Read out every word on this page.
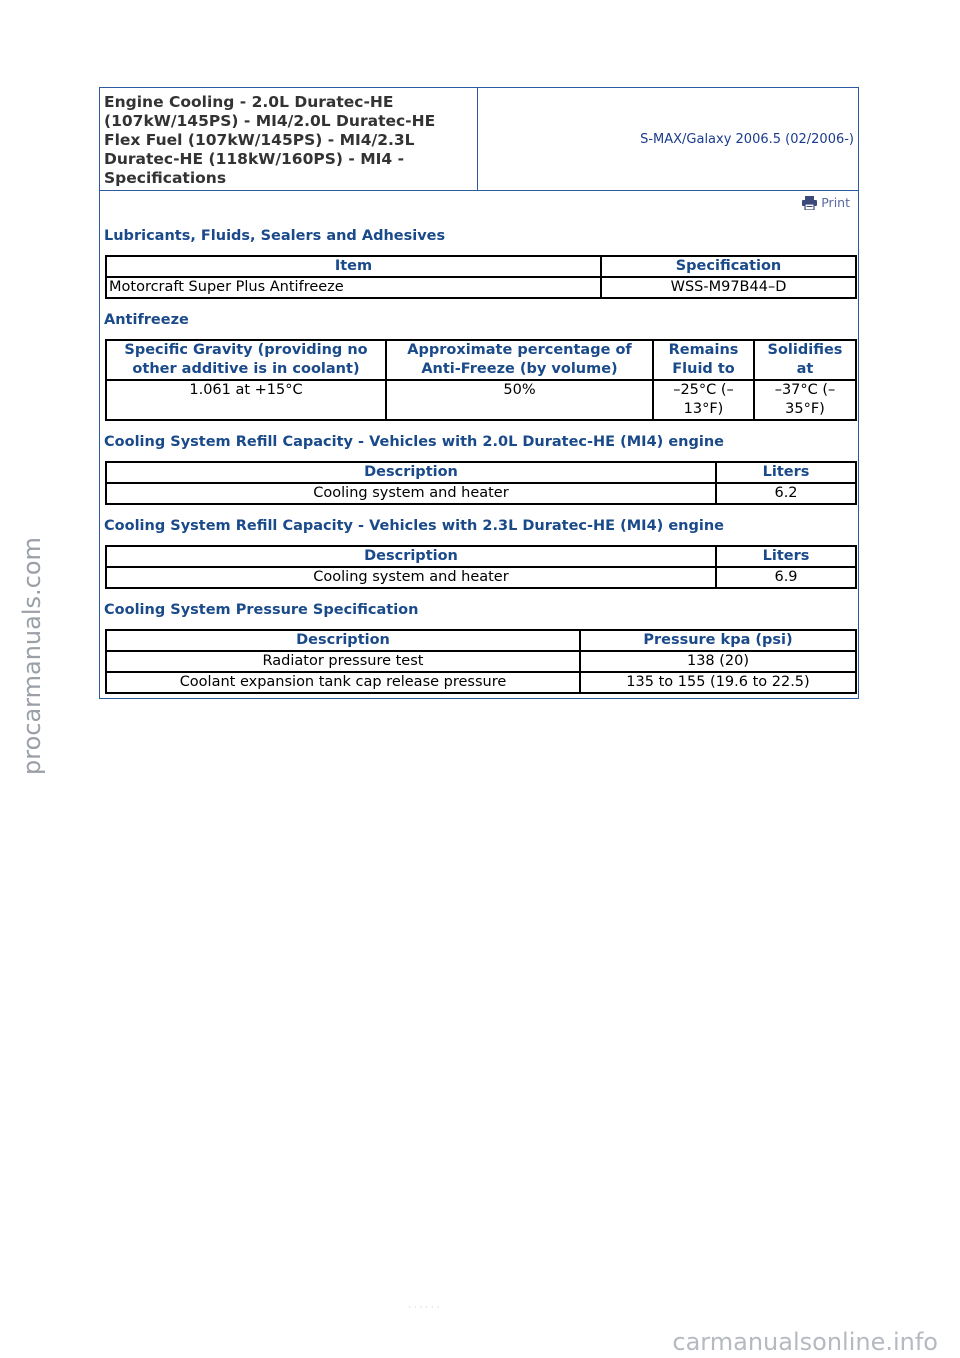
Engine Cooling - 2.0L Duratec-HE (107kW/145PS) - MI4/2.0L Duratec-HE Flex Fuel (107kW/145PS) - MI4/2.3L Duratec-HE (118kW/160PS) - MI4 - Specifications
S-MAX/Galaxy 2006.5 (02/2006-)
Print
Lubricants, Fluids, Sealers and Adhesives
Item	Specification
Motorcraft Super Plus Antifreeze	WSS-M97B44–D
Antifreeze
Specific Gravity (providing no other additive is in coolant)	Approximate percentage of Anti-Freeze (by volume)	Remains Fluid to	Solidifies at
1.061 at +15°C	50%	–25°C (–13°F)	–37°C (–35°F)
Cooling System Refill Capacity - Vehicles with 2.0L Duratec-HE (MI4) engine
Description	Liters
Cooling system and heater	6.2
Cooling System Refill Capacity - Vehicles with 2.3L Duratec-HE (MI4) engine
Description	Liters
Cooling system and heater	6.9
Cooling System Pressure Specification
Description	Pressure kpa (psi)
Radiator pressure test	138 (20)
Coolant expansion tank cap release pressure	135 to 155 (19.6 to 22.5)
· · · · · ·
procarmanuals.com
carmanualsonline.info
